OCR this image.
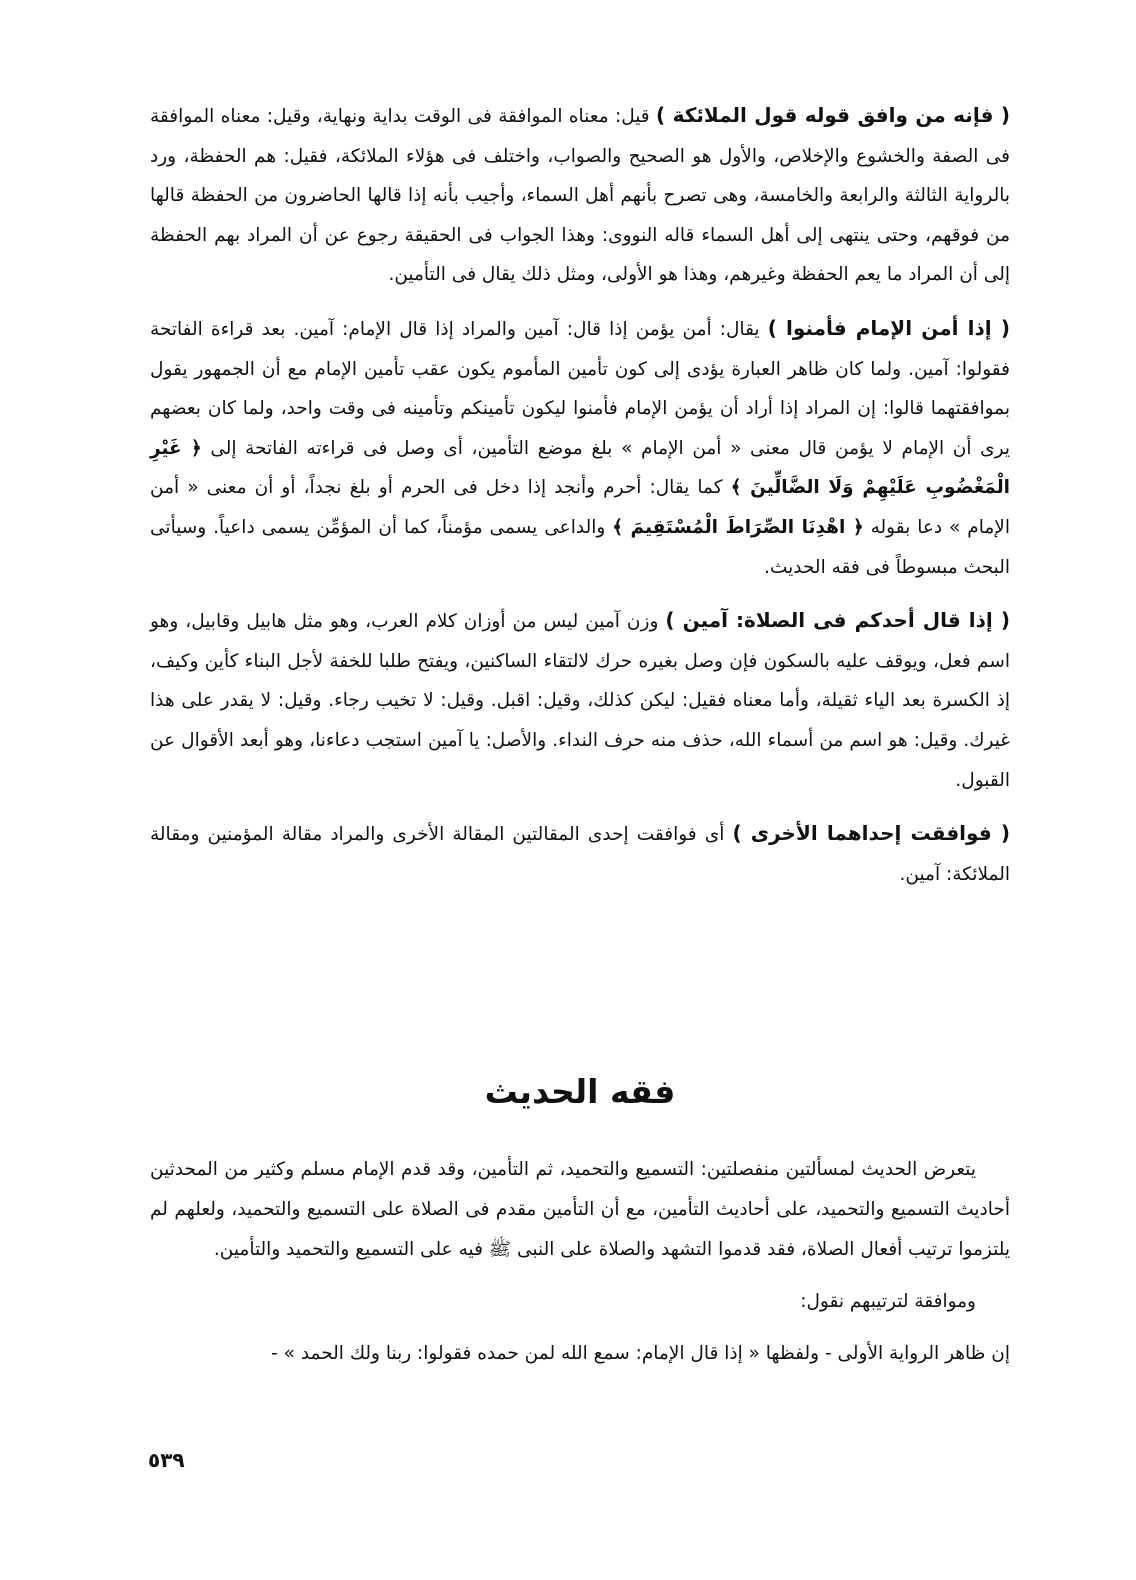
( فإنه من وافق قوله قول الملائكة ) قيل: معناه الموافقة فى الوقت بداية ونهاية، وقيل: معناه الموافقة فى الصفة والخشوع والإخلاص، والأول هو الصحيح والصواب، واختلف فى هؤلاء الملائكة، فقيل: هم الحفظة، ورد بالرواية الثالثة والرابعة والخامسة، وهى تصرح بأنهم أهل السماء، وأجيب بأنه إذا قالها الحاضرون من الحفظة قالها من فوقهم، وحتى ينتهى إلى أهل السماء قاله النووى: وهذا الجواب فى الحقيقة رجوع عن أن المراد بهم الحفظة إلى أن المراد ما يعم الحفظة وغيرهم، وهذا هو الأولى، ومثل ذلك يقال فى التأمين.

( إذا أمن الإمام فأمنوا ) يقال: أمن يؤمن إذا قال: آمين والمراد إذا قال الإمام: آمين. بعد قراءة الفاتحة فقولوا: آمين. ولما كان ظاهر العبارة يؤدى إلى كون تأمين المأموم يكون عقب تأمين الإمام مع أن الجمهور يقول بموافقتهما قالوا: إن المراد إذا أراد أن يؤمن الإمام فأمنوا ليكون تأمينكم وتأمينه فى وقت واحد، ولما كان بعضهم يرى أن الإمام لا يؤمن قال معنى « أمن الإمام » بلغ موضع التأمين، أى وصل فى قراءته الفاتحة إلى ﴿ غَيْرِ الْمَغْضُوبِ عَلَيْهِمْ وَلَا الضَّالِّينَ ﴾ كما يقال: أحرم وأنجد إذا دخل فى الحرم أو بلغ نجداً، أو أن معنى « أمن الإمام » دعا بقوله ﴿ اهْدِنَا الصِّرَاطَ الْمُسْتَقِيمَ ﴾ والداعى يسمى مؤمناً، كما أن المؤمِّن يسمى داعياً. وسيأتى البحث مبسوطاً فى فقه الحديث.

( إذا قال أحدكم فى الصلاة: آمين ) وزن آمين ليس من أوزان كلام العرب، وهو مثل هابيل وقابيل، وهو اسم فعل، ويوقف عليه بالسكون فإن وصل بغيره حرك لالتقاء الساكنين، ويفتح طلبا للخفة لأجل البناء كأين وكيف، إذ الكسرة بعد الياء ثقيلة، وأما معناه فقيل: ليكن كذلك، وقيل: اقبل. وقيل: لا تخيب رجاء. وقيل: لا يقدر على هذا غيرك. وقيل: هو اسم من أسماء الله، حذف منه حرف النداء. والأصل: يا آمين استجب دعاءنا، وهو أبعد الأقوال عن القبول.

( فوافقت إحداهما الأخرى ) أى فوافقت إحدى المقالتين المقالة الأخرى والمراد مقالة المؤمنين ومقالة الملائكة: آمين.

فقه الحديث

يتعرض الحديث لمسألتين منفصلتين: التسميع والتحميد، ثم التأمين، وقد قدم الإمام مسلم وكثير من المحدثين أحاديث التسميع والتحميد، على أحاديث التأمين، مع أن التأمين مقدم فى الصلاة على التسميع والتحميد، ولعلهم لم يلتزموا ترتيب أفعال الصلاة، فقد قدموا التشهد والصلاة على النبى ﷺ فيه على التسميع والتحميد والتأمين.

وموافقة لترتيبهم نقول:

إن ظاهر الرواية الأولى - ولفظها « إذا قال الإمام: سمع الله لمن حمده فقولوا: ربنا ولك الحمد » -

٥٣٩
